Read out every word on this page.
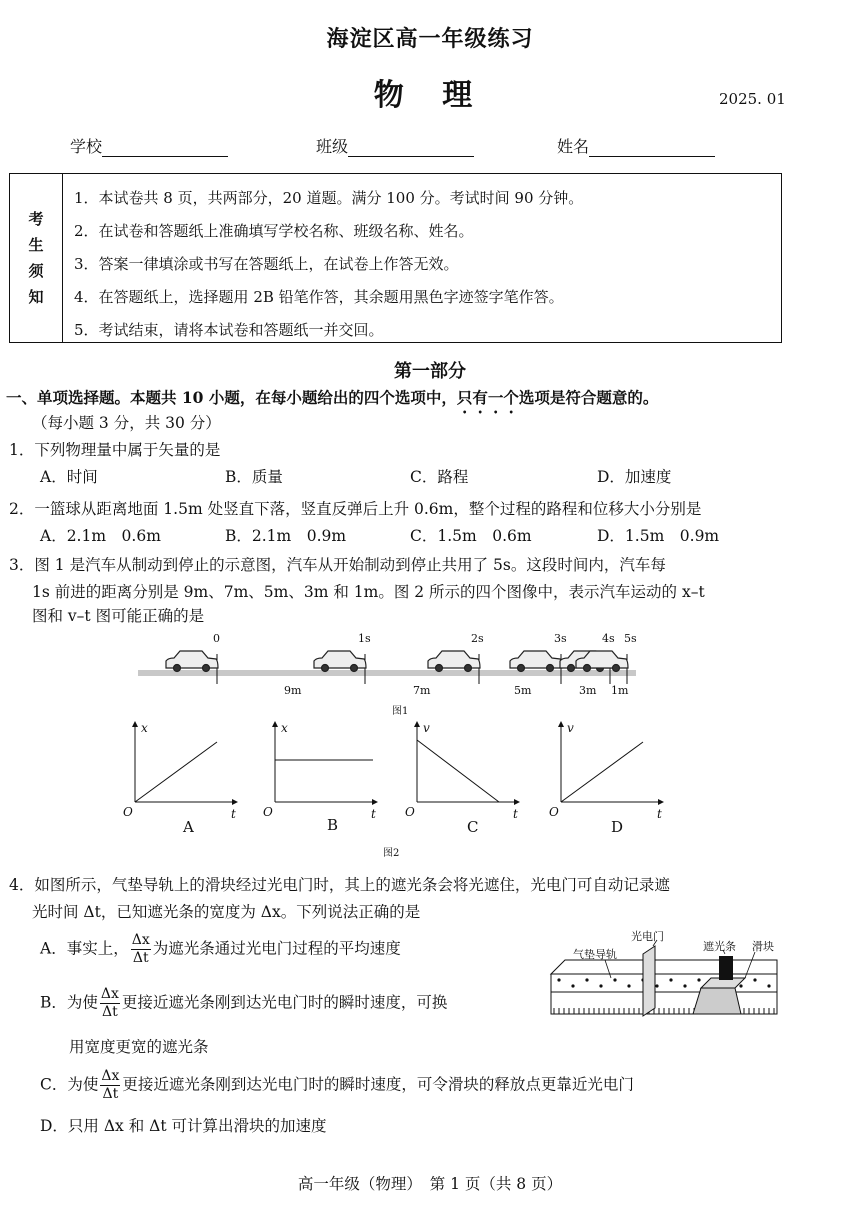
海淀区高一年级练习
物 理	2025. 01
学校	班级	姓名
考
生
须
知
1．本试卷共 8 页，共两部分，20 道题。满分 100 分。考试时间 90 分钟。
2．在试卷和答题纸上准确填写学校名称、班级名称、姓名。
3．答案一律填涂或书写在答题纸上，在试卷上作答无效。
4．在答题纸上，选择题用 2B 铅笔作答，其余题用黑色字迹签字笔作答。
5．考试结束，请将本试卷和答题纸一并交回。
第一部分
一、单项选择题。本题共 10 小题，在每小题给出的四个选项中，只有一个选项是符合题意的。
（每小题 3 分，共 30 分）
1．下列物理量中属于矢量的是
A．时间	B．质量	C．路程	D．加速度
2．一篮球从距离地面 1.5m 处竖直下落，竖直反弹后上升 0.6m，整个过程的路程和位移大小分别是
A．2.1m　0.6m	B．2.1m　0.9m	C．1.5m　0.6m	D．1.5m　0.9m
3．图 1 是汽车从制动到停止的示意图，汽车从开始制动到停止共用了 5s。这段时间内，汽车每
1s 前进的距离分别是 9m、7m、5m、3m 和 1m。图 2 所示的四个图像中，表示汽车运动的 x–t
图和 v–t 图可能正确的是
0	1s	2s	3s	4s 5s
9m	7m	5m	3m 1m
图1
x
t
O
x
t
O
v
t
O
v
t
O
A	B	C	D
图2
4．如图所示，气垫导轨上的滑块经过光电门时，其上的遮光条会将光遮住，光电门可自动记录遮
光时间 Δt，已知遮光条的宽度为 Δx。下列说法正确的是
A．事实上， $\frac{\Delta x}{\Delta t}$ 为遮光条通过光电门过程的平均速度
B．为使 $\frac{\Delta x}{\Delta t}$ 更接近遮光条刚到达光电门时的瞬时速度，可换
用宽度更宽的遮光条
C．为使 $\frac{\Delta x}{\Delta t}$ 更接近遮光条刚到达光电门时的瞬时速度，可令滑块的释放点更靠近光电门
D．只用 Δx 和 Δt 可计算出滑块的加速度
光电门
气垫导轨
遮光条 滑块
高一年级（物理）　第 1 页（共 8 页）
